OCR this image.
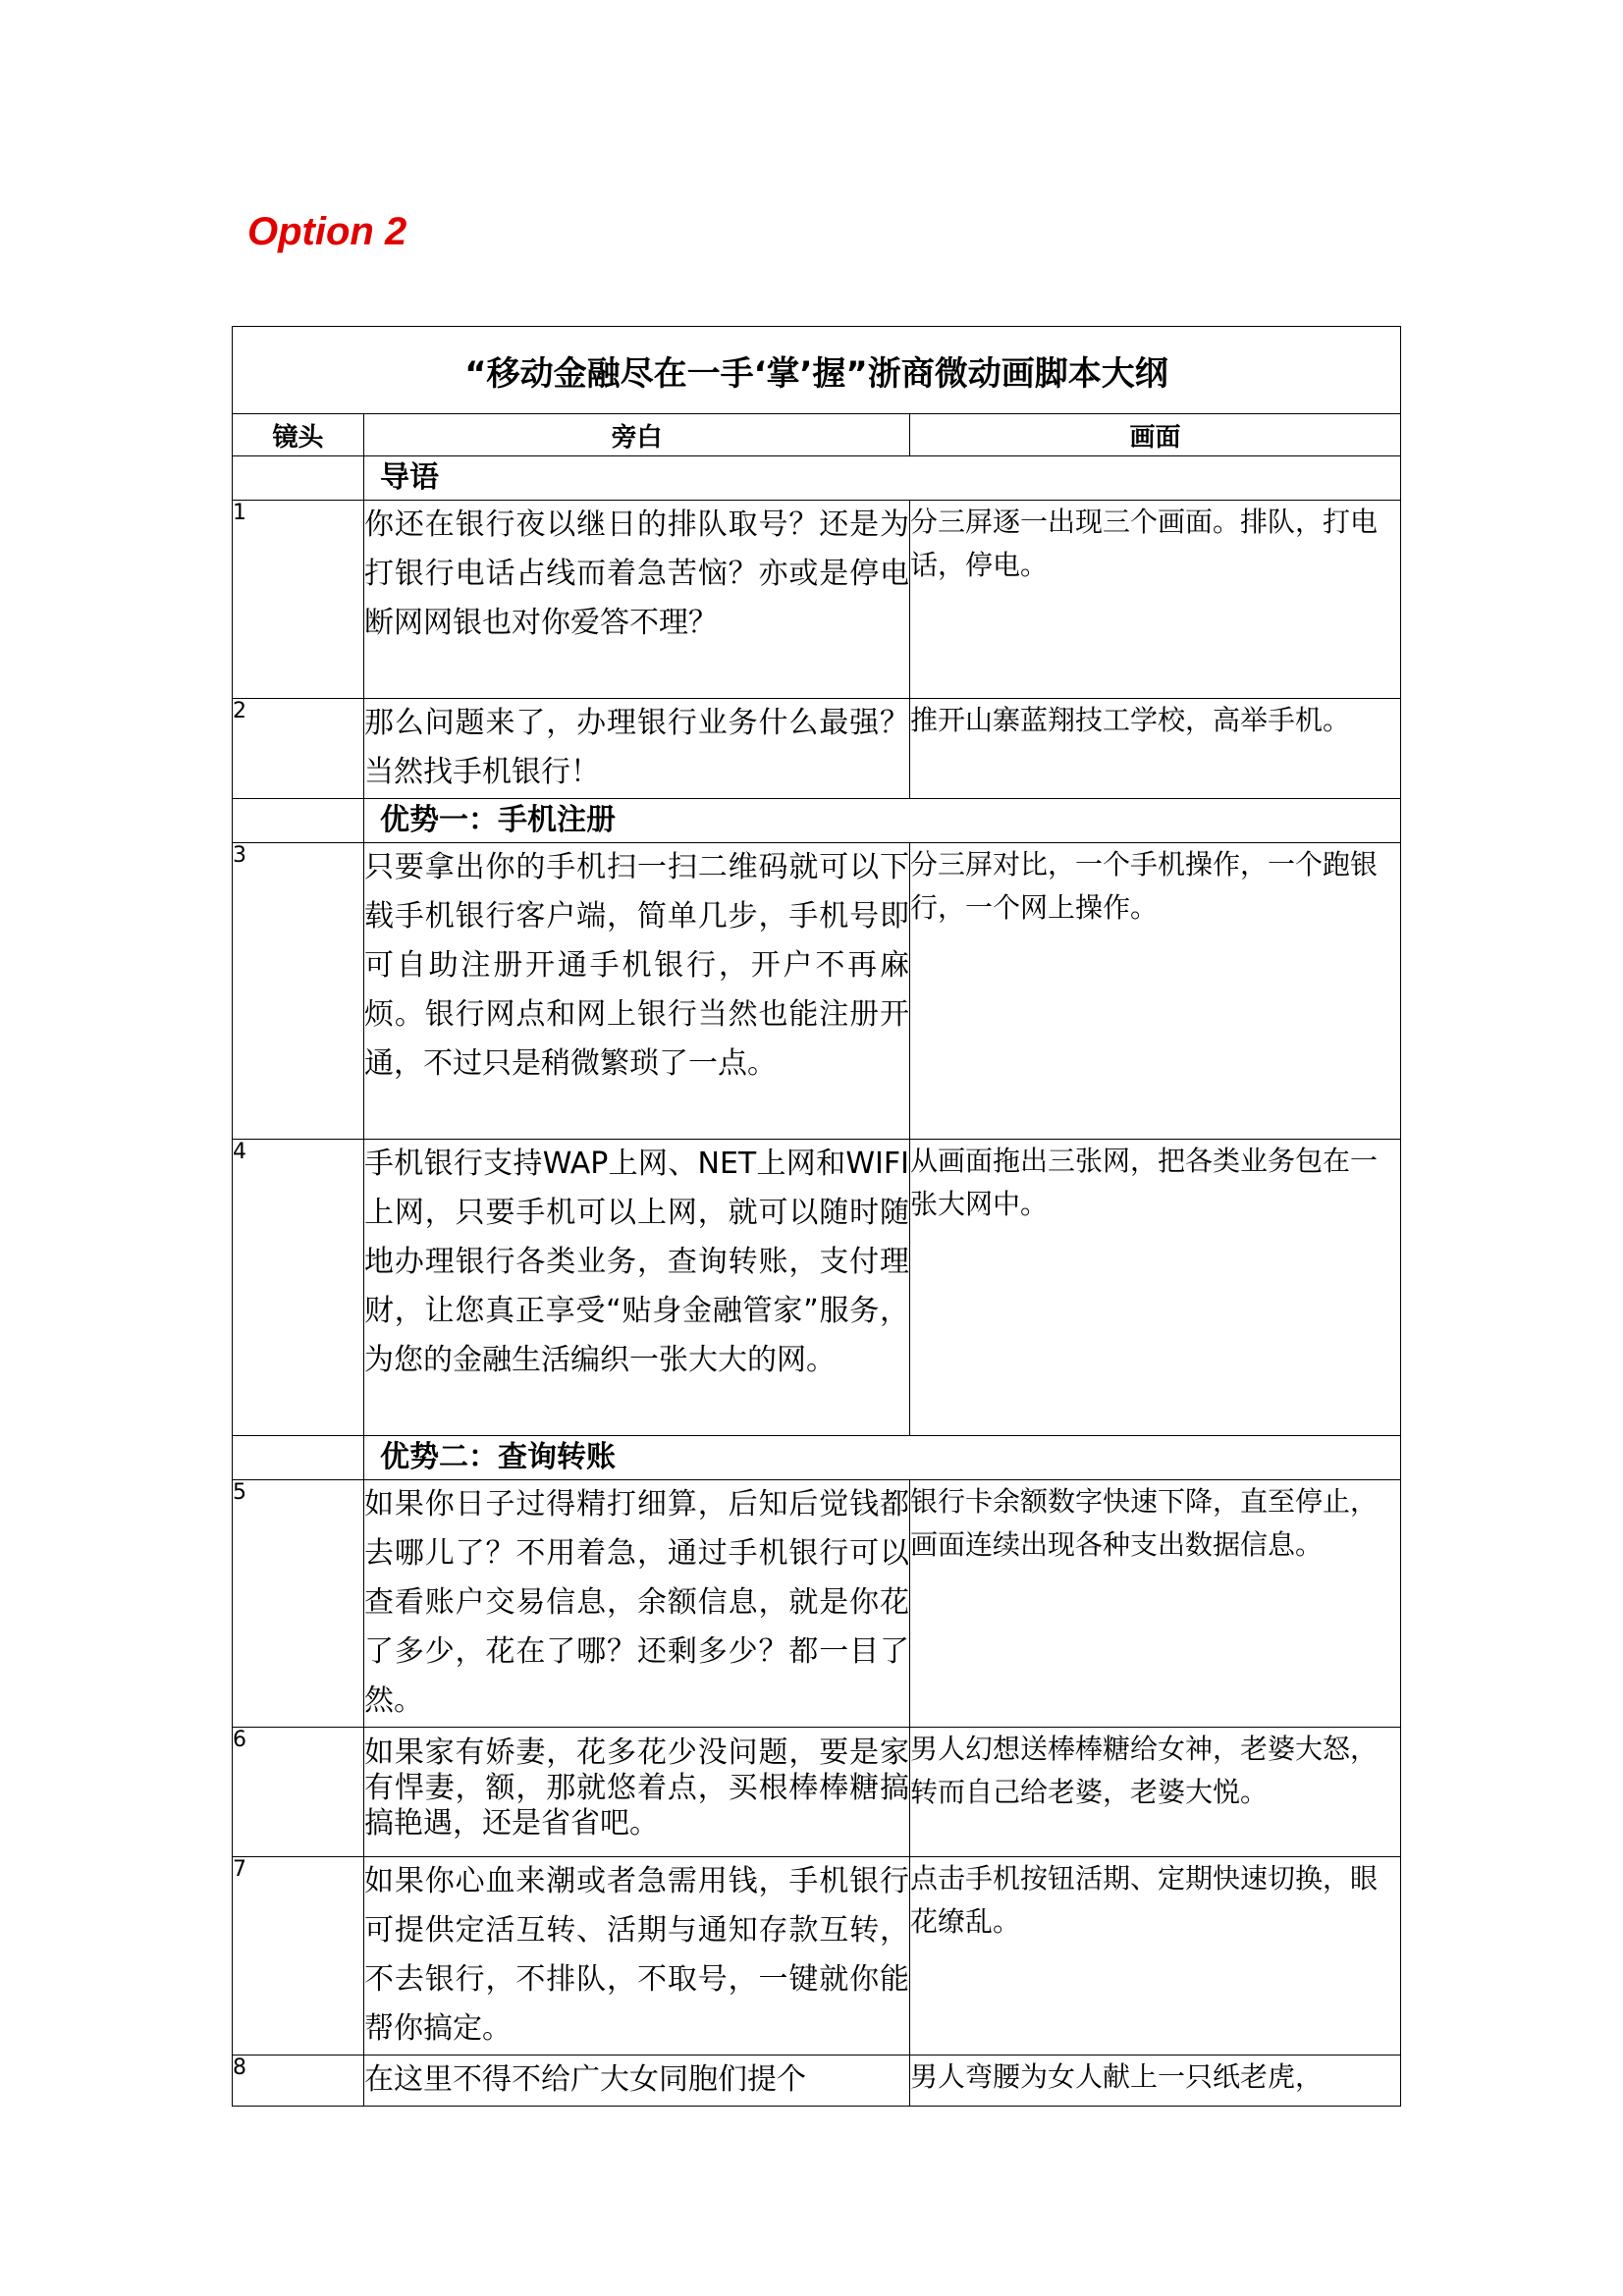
Option 2
“移动金融尽在一手‘掌’握”浙商微动画脚本大纲		
镜头	旁白	画面
	导语	
1	你还在银行夜以继日的排队取号？还是为打银行电话占线而着急苦恼？亦或是停电断网网银也对你爱答不理？	分三屏逐一出现三个画面。排队，打电话，停电。
2	那么问题来了，办理银行业务什么最强？当然找手机银行！	推开山寨蓝翔技工学校，高举手机。
	优势一：手机注册	
3	只要拿出你的手机扫一扫二维码就可以下载手机银行客户端，简单几步，手机号即可自助注册开通手机银行，开户不再麻烦。银行网点和网上银行当然也能注册开通，不过只是稍微繁琐了一点。	分三屏对比，一个手机操作，一个跑银行，一个网上操作。
4	手机银行支持WAP上网、NET上网和WIFI 上网，只要手机可以上网，就可以随时随地办理银行各类业务，查询转账，支付理财，让您真正享受“贴身金融管家”服务，为您的金融生活编织一张大大的网。	从画面拖出三张网，把各类业务包在一张大网中。
	优势二：查询转账	
5	如果你日子过得精打细算，后知后觉钱都去哪儿了？不用着急，通过手机银行可以查看账户交易信息，余额信息，就是你花了多少，花在了哪？还剩多少？都一目了然。	银行卡余额数字快速下降，直至停止，画面连续出现各种支出数据信息。
6	如果家有娇妻，花多花少没问题，要是家有悍妻，额，那就悠着点，买根棒棒糖搞搞艳遇，还是省省吧。	男人幻想送棒棒糖给女神，老婆大怒，转而自己给老婆，老婆大悦。
7	如果你心血来潮或者急需用钱，手机银行可提供定活互转、活期与通知存款互转，不去银行，不排队，不取号，一键就你能帮你搞定。	点击手机按钮活期、定期快速切换，眼花缭乱。
8	在这里不得不给广大女同胞们提个	男人弯腰为女人献上一只纸老虎，
